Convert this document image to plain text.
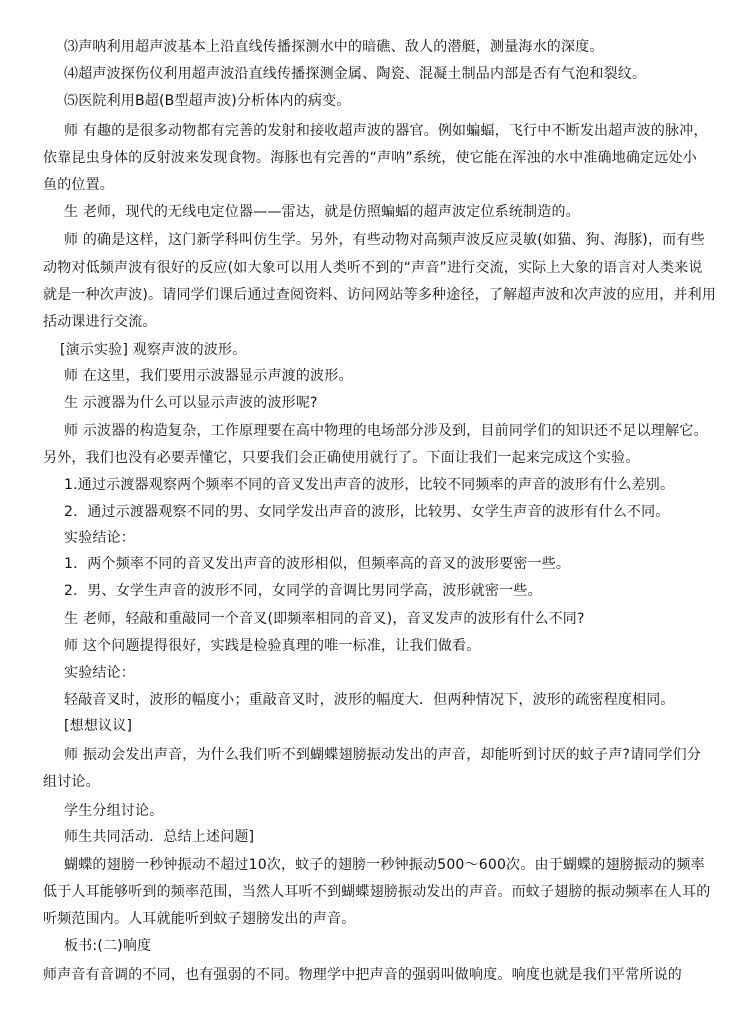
⑶声呐利用超声波基本上沿直线传播探测水中的暗礁、敌人的潜艇，测量海水的深度。
⑷超声波探伤仪利用超声波沿直线传播探测金属、陶瓷、混凝土制品内部是否有气泡和裂纹。
⑸医院利用B超(B型超声波)分析体内的病变。
师 有趣的是很多动物都有完善的发射和接收超声波的器官。例如蝙蝠，飞行中不断发出超声波的脉冲，
依靠昆虫身体的反射波来发现食物。海豚也有完善的“声呐”系统，使它能在浑浊的水中准确地确定远处小
鱼的位置。
生 老师，现代的无线电定位器——雷达，就是仿照蝙蝠的超声波定位系统制造的。
师 的确是这样，这门新学科叫仿生学。另外，有些动物对高频声波反应灵敏(如猫、狗、海豚)，而有些
动物对低频声波有很好的反应(如大象可以用人类听不到的“声音”进行交流，实际上大象的语言对人类来说
就是一种次声波)。请同学们课后通过查阅资料、访问网站等多种途径，了解超声波和次声波的应用，并利用
括动课进行交流。
[演示实验] 观察声波的波形。
师 在这里，我们要用示波器显示声渡的波形。
生 示渡器为什么可以显示声波的波形呢?
师 示波器的构造复杂，工作原理要在高中物理的电场部分涉及到，目前同学们的知识还不足以理解它。
另外，我们也没有必要弄懂它，只要我们会正确使用就行了。下面让我们一起来完成这个实验。
1.通过示渡器观察两个频率不同的音叉发出声音的波形，比较不同频率的声音的波形有什么差别。
2．通过示渡器观察不同的男、女同学发出声音的波形，比较男、女学生声音的波形有什么不同。
实验结论：
1．两个频率不同的音叉发出声音的波形相似，但频率高的音叉的波形要密一些。
2．男、女学生声音的波形不同，女同学的音调比男同学高，波形就密一些。
生 老师，轻敲和重敲同一个音叉(即频率相同的音叉)，音叉发声的波形有什么不同?
师 这个问题提得很好，实践是检验真理的唯一标准，让我们做看。
实验结论：
轻敲音叉时，波形的幅度小；重敲音叉时，波形的幅度大．但两种情况下，波形的疏密程度相同。
[想想议议]
师 振动会发出声音，为什么我们听不到蝴蝶翅膀振动发出的声音，却能听到讨厌的蚊子声?请同学们分
组讨论。
学生分组讨论。
师生共同活动．总结上述问题]
蝴蝶的翅膀一秒钟振动不超过10次，蚊子的翅膀一秒钟振动500～600次。由于蝴蝶的翅膀振动的频率
低于人耳能够听到的频率范围，当然人耳听不到蝴蝶翅膀振动发出的声音。而蚊子翅膀的振动频率在人耳的
听频范围内。人耳就能听到蚊子翅膀发出的声音。
板书:(二)响度
师声音有音调的不同，也有强弱的不同。物理学中把声音的强弱叫做响度。响度也就是我们平常所说的
